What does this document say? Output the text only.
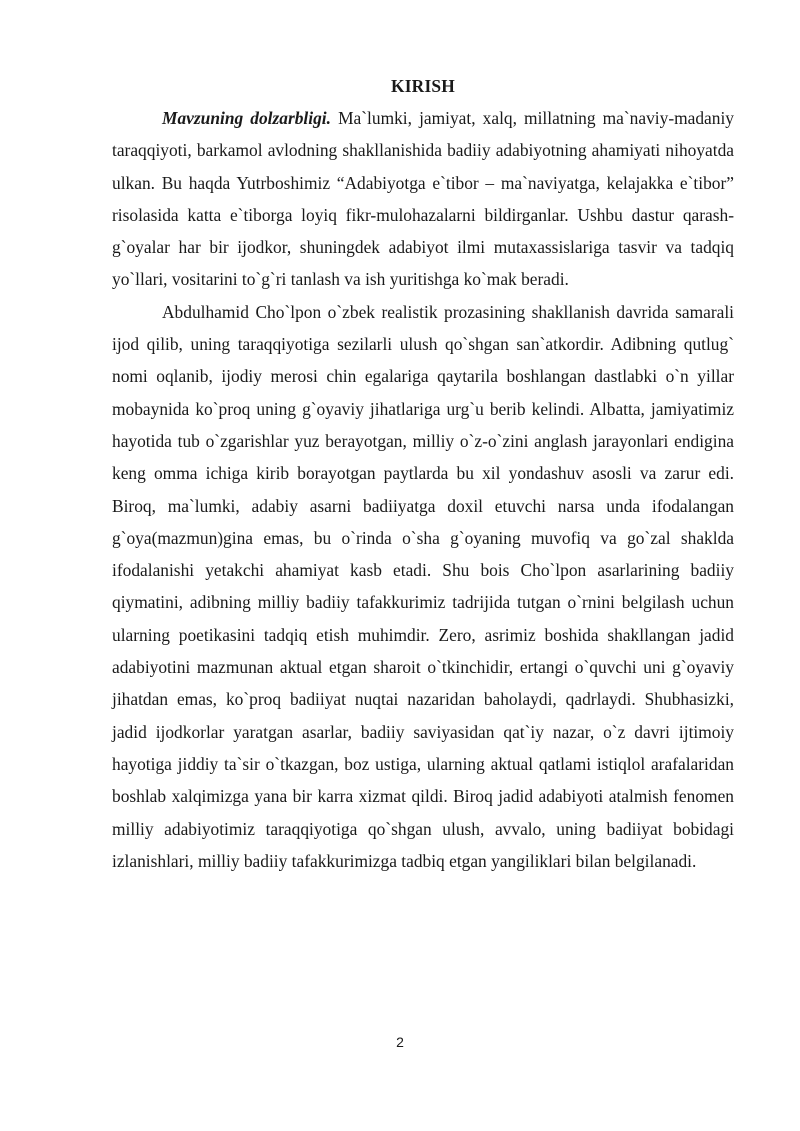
KIRISH

Mavzuning dolzarbligi. Ma`lumki, jamiyat, xalq, millatning ma`naviy-madaniy taraqqiyoti, barkamol avlodning shakllanishida badiiy adabiyotning ahamiyati nihoyatda ulkan. Bu haqda Yutrboshimiz “Adabiyotga e`tibor – ma`naviyatga, kelajakka e`tibor” risolasida katta e`tiborga loyiq fikr-mulohazalarni bildirganlar. Ushbu dastur qarash-g`oyalar har bir ijodkor, shuningdek adabiyot ilmi mutaxassislariga tasvir va tadqiq yo`llari, vositarini to`g`ri tanlash va ish yuritishga ko`mak beradi.

Abdulhamid Cho`lpon o`zbek realistik prozasining shakllanish davrida samarali ijod qilib, uning taraqqiyotiga sezilarli ulush qo`shgan san`atkordir. Adibning qutlug` nomi oqlanib, ijodiy merosi chin egalariga qaytarila boshlangan dastlabki o`n yillar mobaynida ko`proq uning g`oyaviy jihatlariga urg`u berib kelindi. Albatta, jamiyatimiz hayotida tub o`zgarishlar yuz berayotgan, milliy o`z-o`zini anglash jarayonlari endigina keng omma ichiga kirib borayotgan paytlarda bu xil yondashuv asosli va zarur edi. Biroq, ma`lumki, adabiy asarni badiiyatga doxil etuvchi narsa unda ifodalangan g`oya(mazmun)gina emas, bu o`rinda o`sha g`oyaning muvofiq va go`zal shaklda ifodalanishi yetakchi ahamiyat kasb etadi. Shu bois Cho`lpon asarlarining badiiy qiymatini, adibning milliy badiiy tafakkurimiz tadrijida tutgan o`rnini belgilash uchun ularning poetikasini tadqiq etish muhimdir. Zero, asrimiz boshida shakllangan jadid adabiyotini mazmunan aktual etgan sharoit o`tkinchidir, ertangi o`quvchi uni g`oyaviy jihatdan emas, ko`proq badiiyat nuqtai nazaridan baholaydi, qadrlaydi. Shubhasizki, jadid ijodkorlar yaratgan asarlar, badiiy saviyasidan qat`iy nazar, o`z davri ijtimoiy hayotiga jiddiy ta`sir o`tkazgan, boz ustiga, ularning aktual qatlami istiqlol arafalaridan boshlab xalqimizga yana bir karra xizmat qildi. Biroq jadid adabiyoti atalmish fenomen milliy adabiyotimiz taraqqiyotiga qo`shgan ulush, avvalo, uning badiiyat bobidagi izlanishlari, milliy badiiy tafakkurimizga tadbiq etgan yangiliklari bilan belgilanadi.

2
